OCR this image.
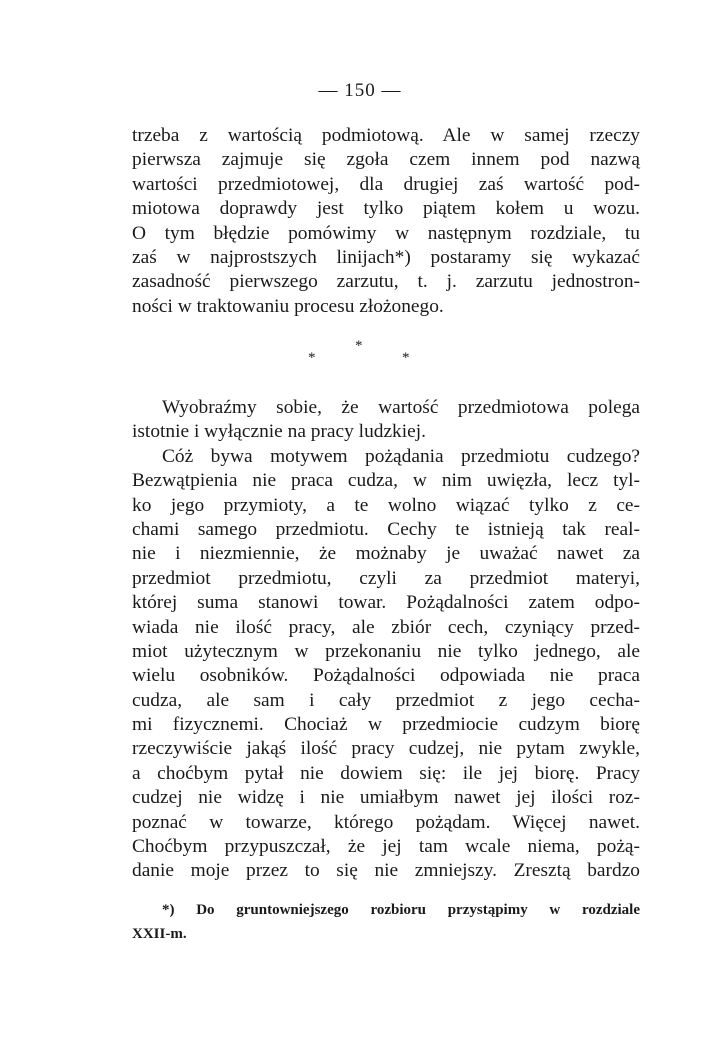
— 150 —
trzeba z wartością podmiotową. Ale w samej rzeczy
pierwsza zajmuje się zgoła czem innem pod nazwą
wartości przedmiotowej, dla drugiej zaś wartość pod-
miotowa doprawdy jest tylko piątem kołem u wozu.
O tym błędzie pomówimy w następnym rozdziale, tu
zaś w najprostszych linijach*) postaramy się wykazać
zasadność pierwszego zarzutu, t. j. zarzutu jednostron-
ności w traktowaniu procesu złożonego.
*
*	*
Wyobraźmy sobie, że wartość przedmiotowa polega
istotnie i wyłącznie na pracy ludzkiej.
Cóż bywa motywem pożądania przedmiotu cudzego?
Bezwątpienia nie praca cudza, w nim uwięzła, lecz tyl-
ko jego przymioty, a te wolno wiązać tylko z ce-
chami samego przedmiotu. Cechy te istnieją tak real-
nie i niezmiennie, że możnaby je uważać nawet za
przedmiot przedmiotu, czyli za przedmiot materyi,
której suma stanowi towar. Pożądalności zatem odpo-
wiada nie ilość pracy, ale zbiór cech, czyniący przed-
miot użytecznym w przekonaniu nie tylko jednego, ale
wielu osobników. Pożądalności odpowiada nie praca
cudza, ale sam i cały przedmiot z jego cecha-
mi fizycznemi. Chociaż w przedmiocie cudzym biorę
rzeczywiście jakąś ilość pracy cudzej, nie pytam zwykle,
a choćbym pytał nie dowiem się: ile jej biorę. Pracy
cudzej nie widzę i nie umiałbym nawet jej ilości roz-
poznać w towarze, którego pożądam. Więcej nawet.
Choćbym przypuszczał, że jej tam wcale niema, pożą-
danie moje przez to się nie zmniejszy. Zresztą bardzo
*) Do gruntowniejszego rozbioru przystąpimy w rozdziale
XXII-m.
